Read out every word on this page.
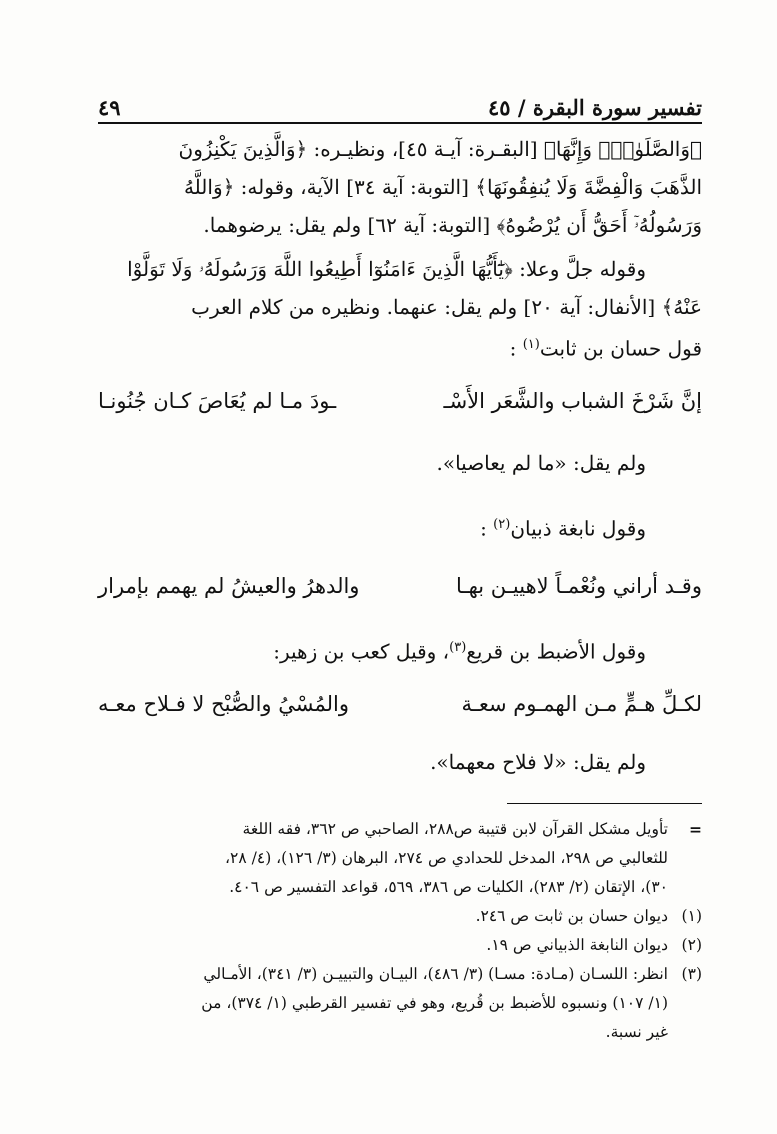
تفسير سورة البقرة / ٤٥
٤٩

﴿وَالصَّلَوٰةِۚ وَإِنَّهَا﴾ [البقـرة: آيـة ٤٥]، ونظيـره: ﴿وَالَّذِينَ يَكْنِزُونَ

الذَّهَبَ وَالْفِضَّةَ وَلَا يُنفِقُونَهَا﴾ [التوبة: آية ٣٤] الآية، وقوله: ﴿وَاللَّهُ

وَرَسُولُهُۥٓ أَحَقُّ أَن يُرْضُوهُ﴾ [التوبة: آية ٦٢] ولم يقل: يرضوهما.

وقوله جلَّ وعلا: ﴿يَٰٓأَيُّهَا الَّذِينَ ءَامَنُوٓا أَطِيعُوا اللَّهَ وَرَسُولَهُۥ وَلَا تَوَلَّوْا

عَنْهُ﴾ [الأنفال: آية ٢٠] ولم يقل: عنهما. ونظيره من كلام العرب

قول حسان بن ثابت$^{(١)}$ :

إنَّ شَرْخَ الشباب والشَّعَر الأَسْـ
ـودَ مـا لم يُعَاصَ كـان جُنُونـا

ولم يقل: «ما لم يعاصيا».

وقول نابغة ذبيان$^{(٢)}$ :

وقـد أراني ونُعْمـاً لاهييـن بهـا
والدهرُ والعيشُ لم يهمم بإمرار

وقول الأضبط بن قريع$^{(٣)}$، وقيل كعب بن زهير:

لكـلِّ هـمٍّ مـن الهمـوم سعـة
والمُسْيُ والصُّبْح لا فـلاح معـه

ولم يقل: «لا فلاح معهما».

=

تأويل مشكل القرآن لابن قتيبة ص٢٨٨، الصاحبي ص ٣٦٢، فقه اللغة

للثعالبي ص ٢٩٨، المدخل للحدادي ص ٢٧٤، البرهان (٣/ ١٢٦)، (٤/ ٢٨،

٣٠)، الإتقان (٢/ ٢٨٣)، الكليات ص ٣٨٦، ٥٦٩، قواعد التفسير ص ٤٠٦.

(١)

ديوان حسان بن ثابت ص ٢٤٦.

(٢)

ديوان النابغة الذبياني ص ١٩.

(٣)

انظر: اللسـان (مـادة: مسـا) (٣/ ٤٨٦)، البيـان والتبييـن (٣/ ٣٤١)، الأمـالي

(١/ ١٠٧) ونسبوه للأضبط بن قُريع، وهو في تفسير القرطبي (١/ ٣٧٤)، من

غير نسبة.
